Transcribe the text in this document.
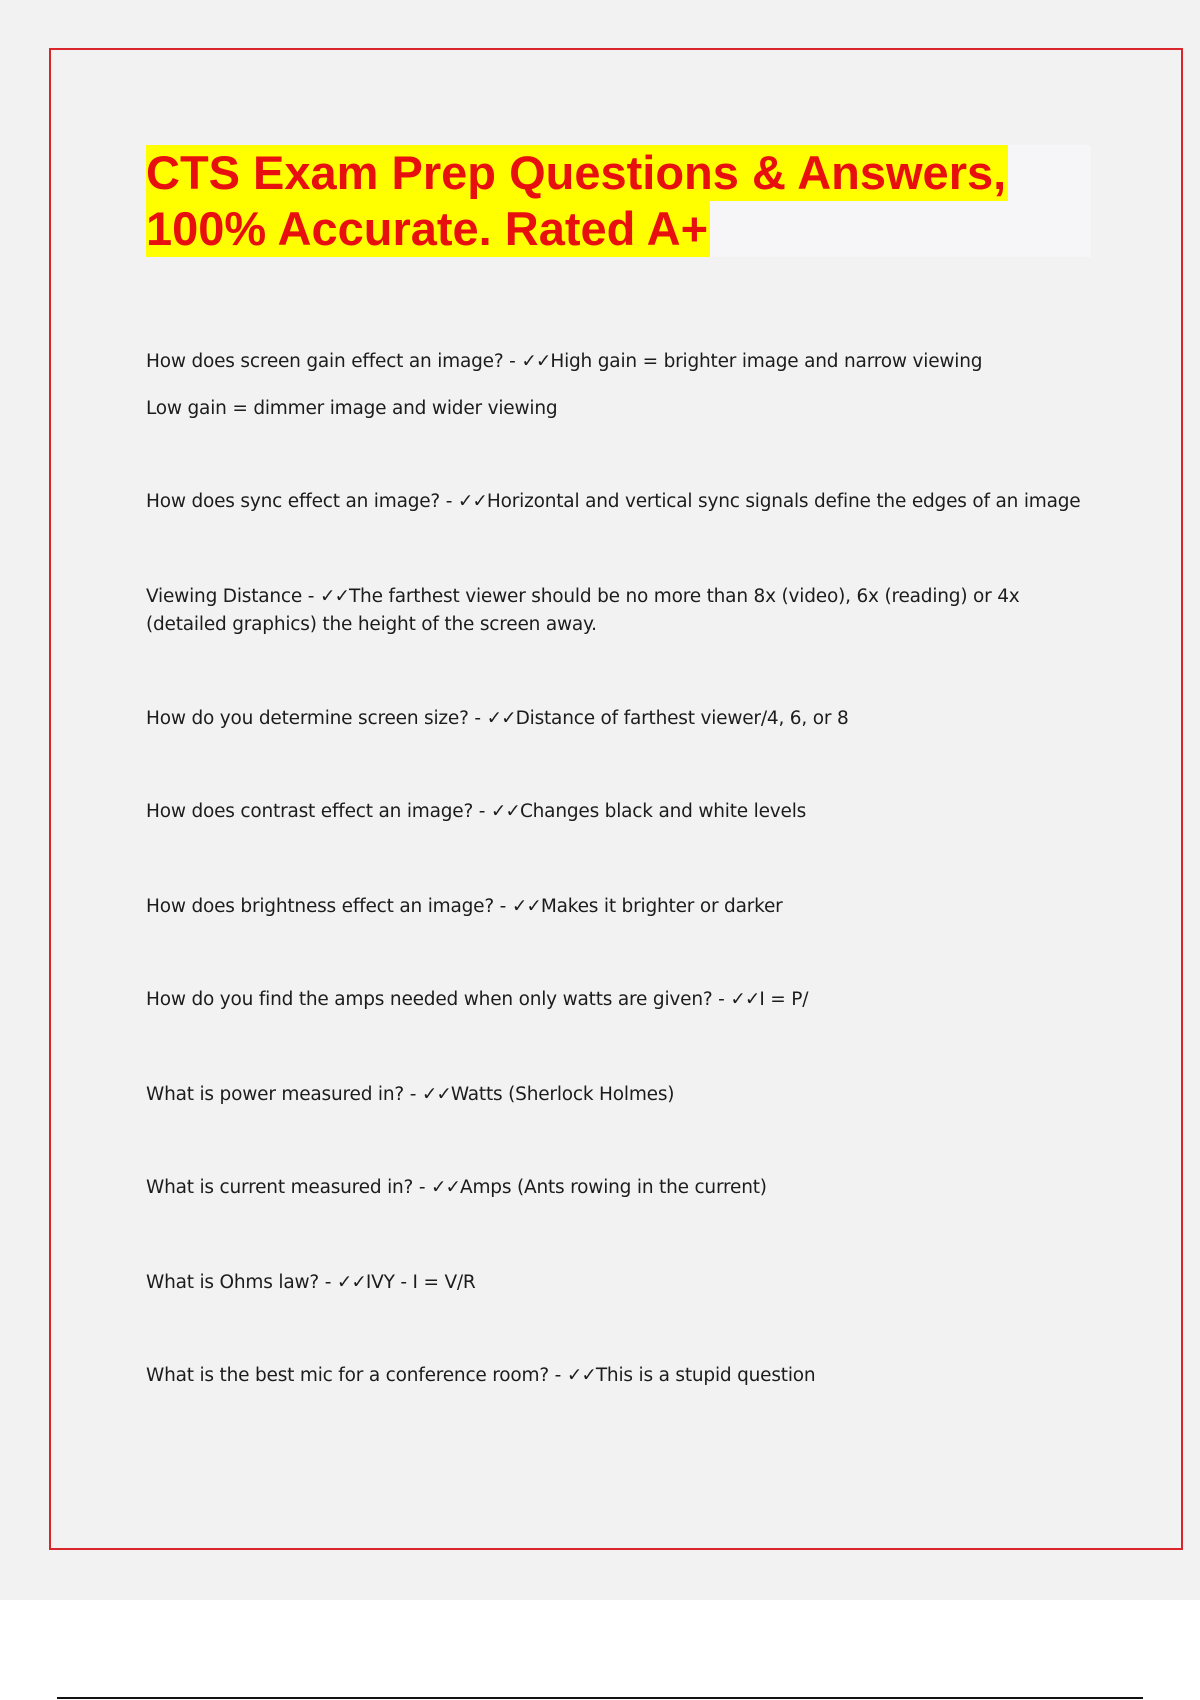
CTS Exam Prep Questions & Answers,
100% Accurate. Rated A+
How does screen gain effect an image? - ✓✓High gain = brighter image and narrow viewing
Low gain = dimmer image and wider viewing
How does sync effect an image? - ✓✓Horizontal and vertical sync signals define the edges of an image
Viewing Distance - ✓✓The farthest viewer should be no more than 8x (video), 6x (reading) or 4x (detailed graphics) the height of the screen away.
How do you determine screen size? - ✓✓Distance of farthest viewer/4, 6, or 8
How does contrast effect an image? - ✓✓Changes black and white levels
How does brightness effect an image? - ✓✓Makes it brighter or darker
How do you find the amps needed when only watts are given? - ✓✓I = P/
What is power measured in? - ✓✓Watts (Sherlock Holmes)
What is current measured in? - ✓✓Amps (Ants rowing in the current)
What is Ohms law? - ✓✓IVY - I = V/R
What is the best mic for a conference room? - ✓✓This is a stupid question
